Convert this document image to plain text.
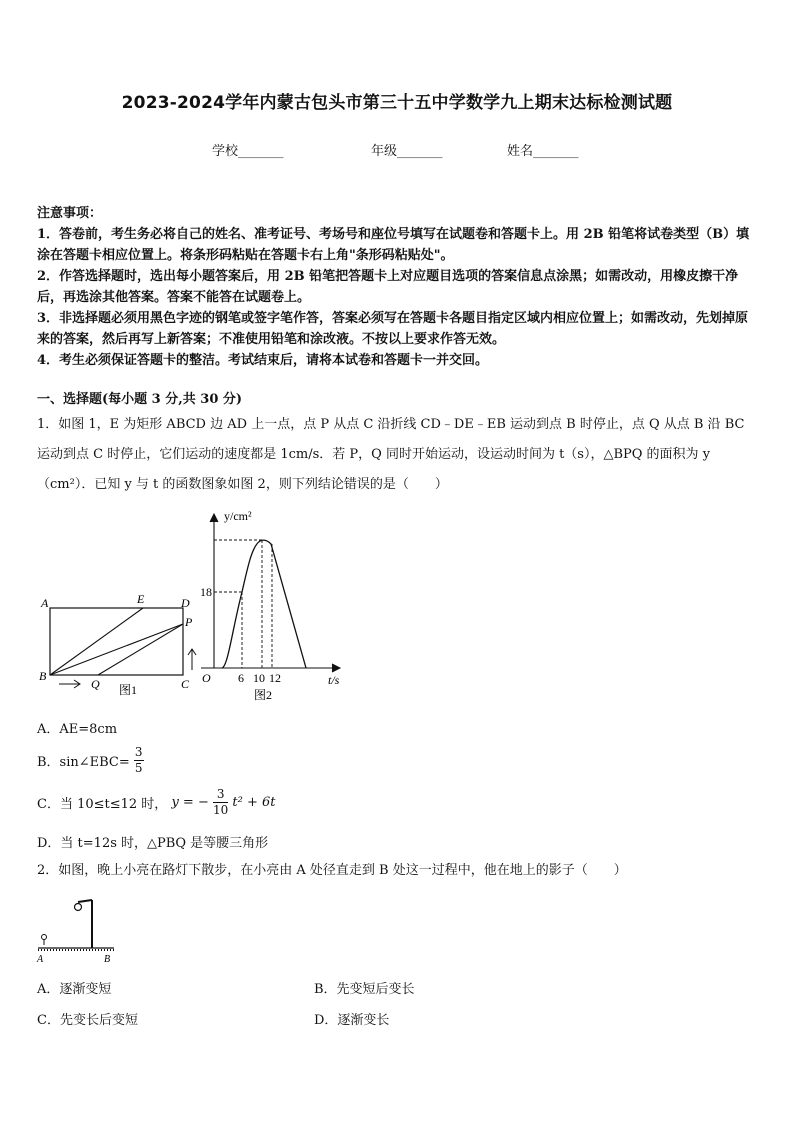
2023-2024学年内蒙古包头市第三十五中学数学九上期末达标检测试题
学校_______	年级_______	姓名_______

注意事项：

1．答卷前，考生务必将自己的姓名、准考证号、考场号和座位号填写在试题卷和答题卡上。用 2B 铅笔将试卷类型（B）填涂在答题卡相应位置上。将条形码粘贴在答题卡右上角"条形码粘贴处"。

2．作答选择题时，选出每小题答案后，用 2B 铅笔把答题卡上对应题目选项的答案信息点涂黑；如需改动，用橡皮擦干净后，再选涂其他答案。答案不能答在试题卷上。

3．非选择题必须用黑色字迹的钢笔或签字笔作答，答案必须写在答题卡各题目指定区域内相应位置上；如需改动，先划掉原来的答案，然后再写上新答案；不准使用铅笔和涂改液。不按以上要求作答无效。

4．考生必须保证答题卡的整洁。考试结束后，请将本试卷和答题卡一并交回。

一、选择题(每小题 3 分,共 30 分)
1．如图 1，E 为矩形 ABCD 边 AD 上一点，点 P 从点 C 沿折线 CD﹣DE﹣EB 运动到点 B 时停止，点 Q 从点 B 沿 BC 运动到点 C 时停止，它们运动的速度都是 1cm/s．若 P，Q 同时开始运动，设运动时间为 t（s），△BPQ 的面积为 y（cm²）．已知 y 与 t 的函数图象如图 2，则下列结论错误的是（　　）
A	E	D
P
B
Q	C
图1
y/cm²
18
O 6 10 12	t/s
图2
A．AE=8cm
B．sin∠EBC= $\frac{3}{5}$
C．当 10≤t≤12 时， y = − $\frac{3}{10} t^2 + 6t$
D．当 t=12s 时，△PBQ 是等腰三角形
2．如图，晚上小亮在路灯下散步，在小亮由 A 处径直走到 B 处这一过程中，他在地上的影子（　　）
A	B
A．逐渐变短	B．先变短后变长
C．先变长后变短	D．逐渐变长
